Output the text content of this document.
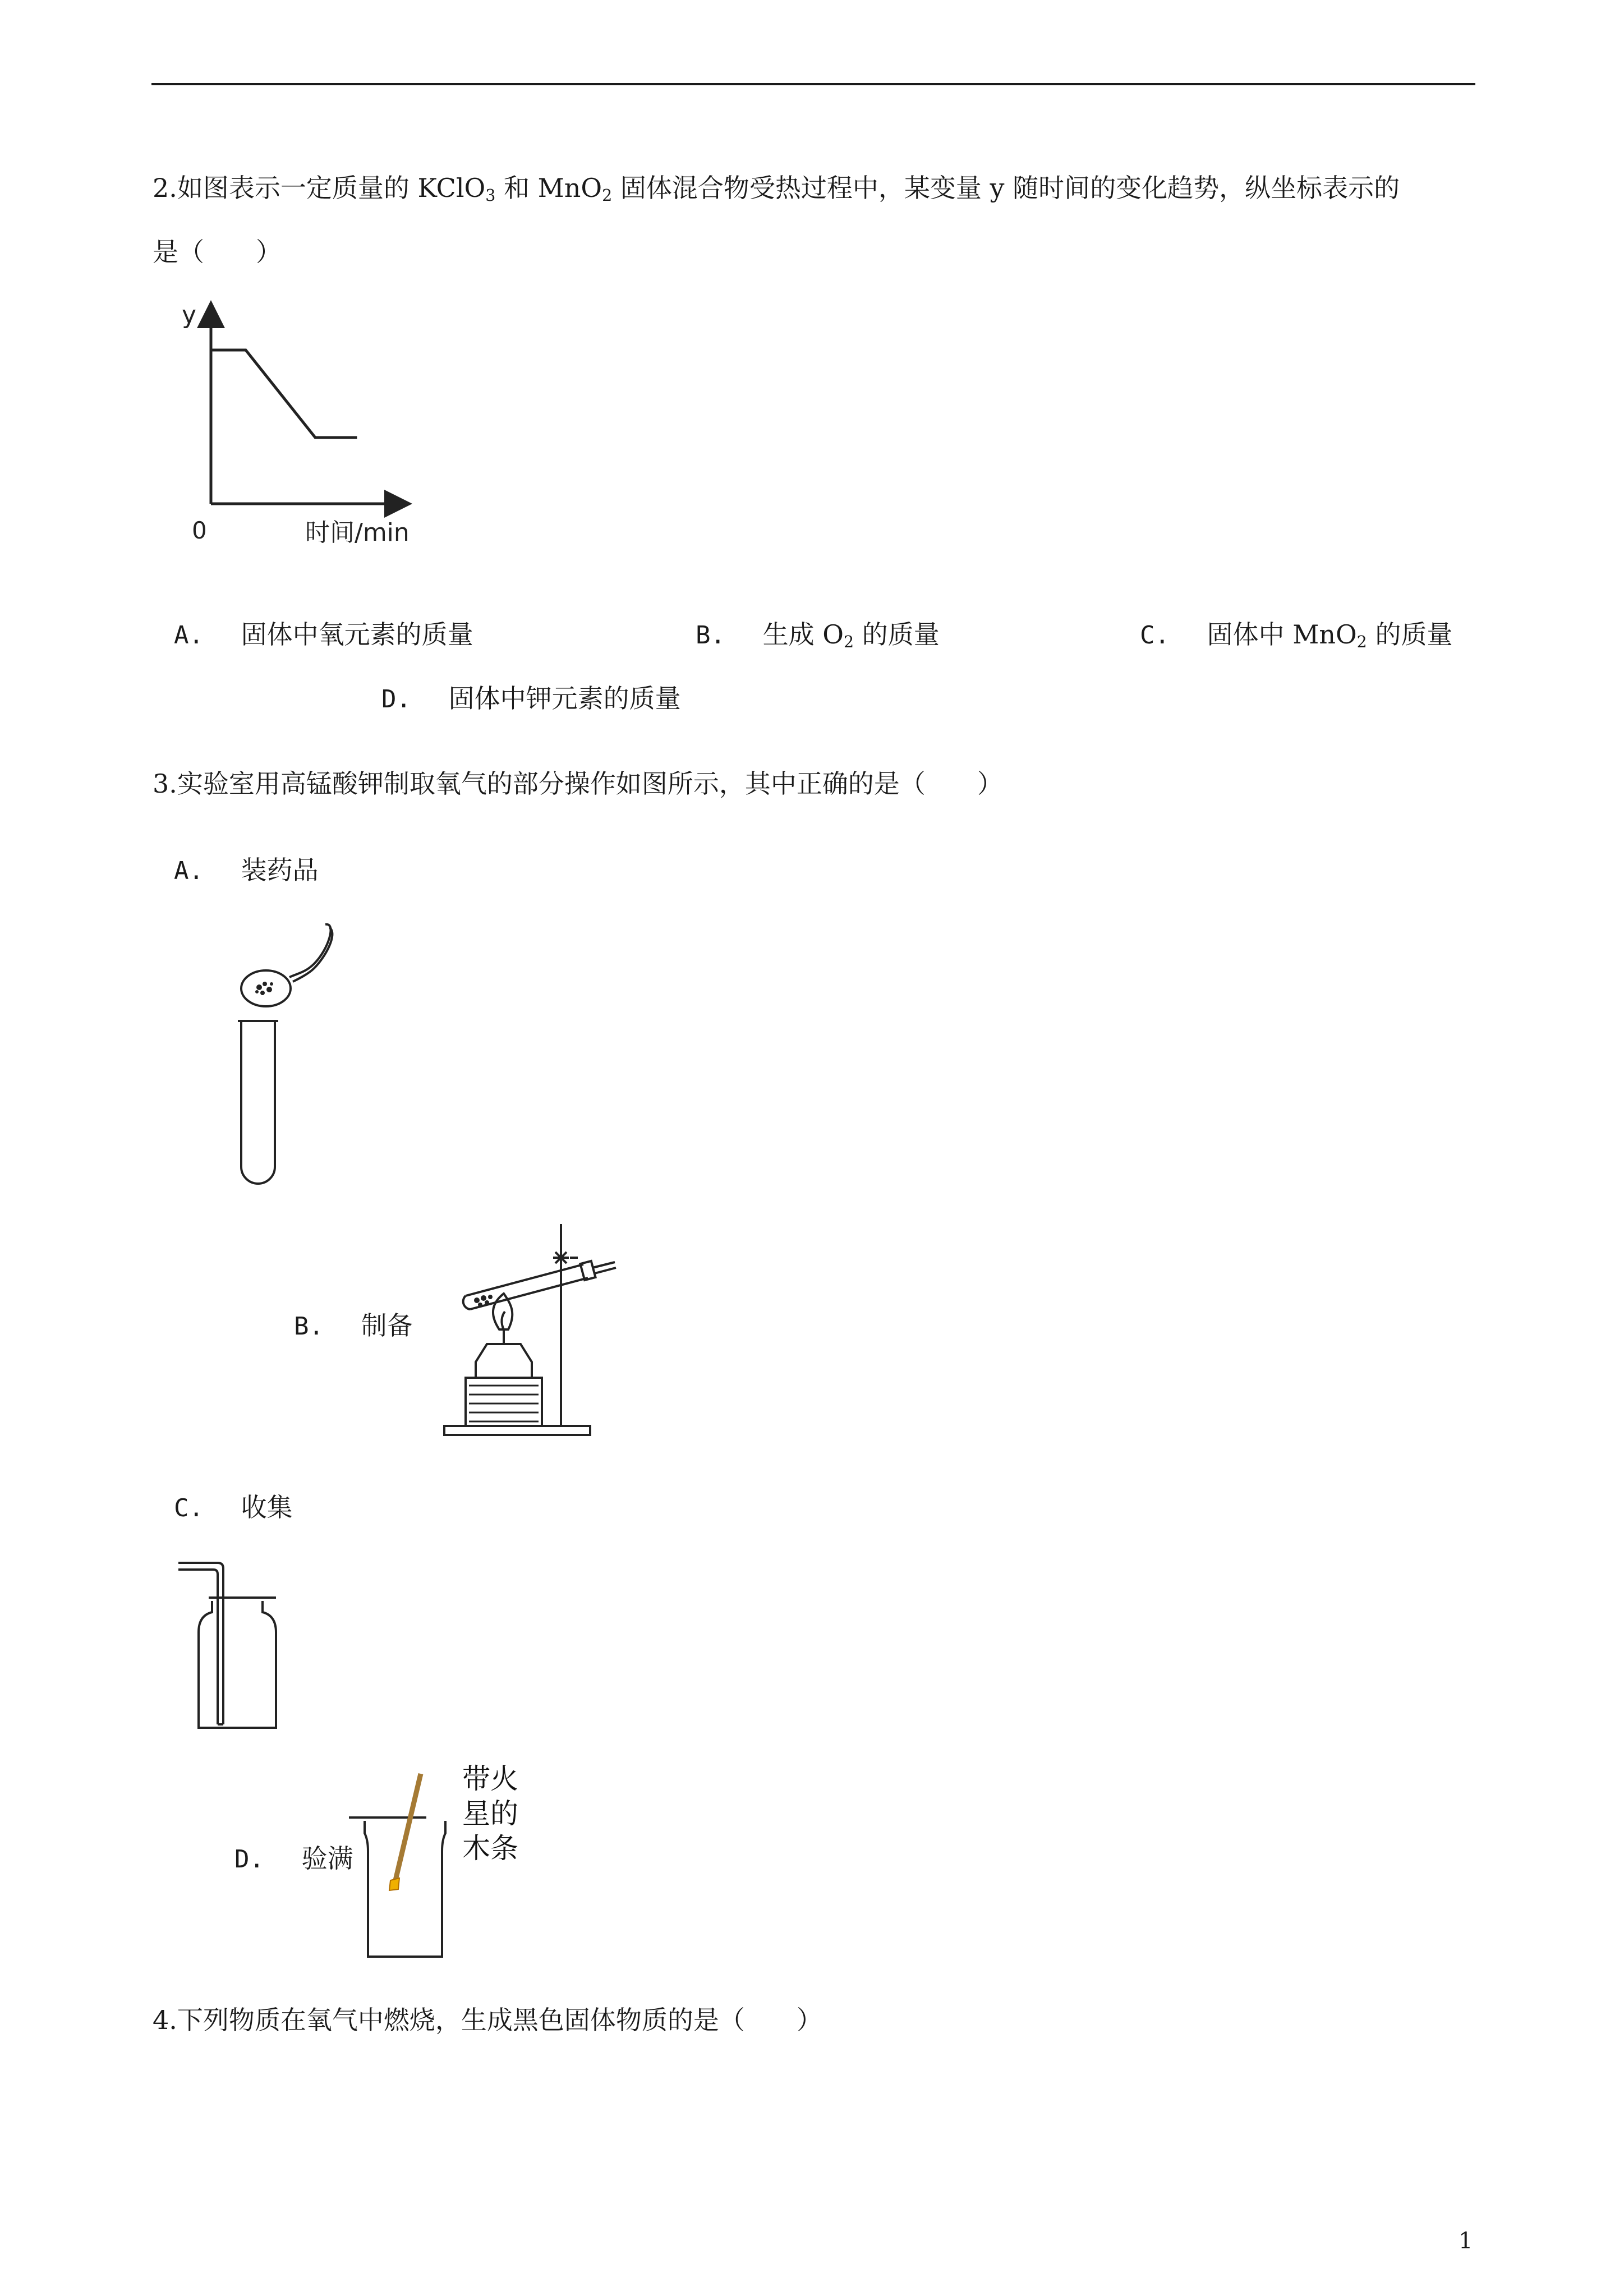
2.如图表示一定质量的 KClO$_3$ 和 MnO$_2$ 固体混合物受热过程中，某变量 y 随时间的变化趋势，纵坐标表示的
是（　　）
y
0	时间/min
A. 固体中氧元素的质量	B. 生成 $O_2$ 的质量	C. 固体中 MnO$_2$ 的质量
D. 固体中钾元素的质量
3.实验室用高锰酸钾制取氧气的部分操作如图所示，其中正确的是（　　）
A. 装药品
B. 制备
C. 收集
D. 验满
带火
星的
木条
4.下列物质在氧气中燃烧，生成黑色固体物质的是（　　）
1
